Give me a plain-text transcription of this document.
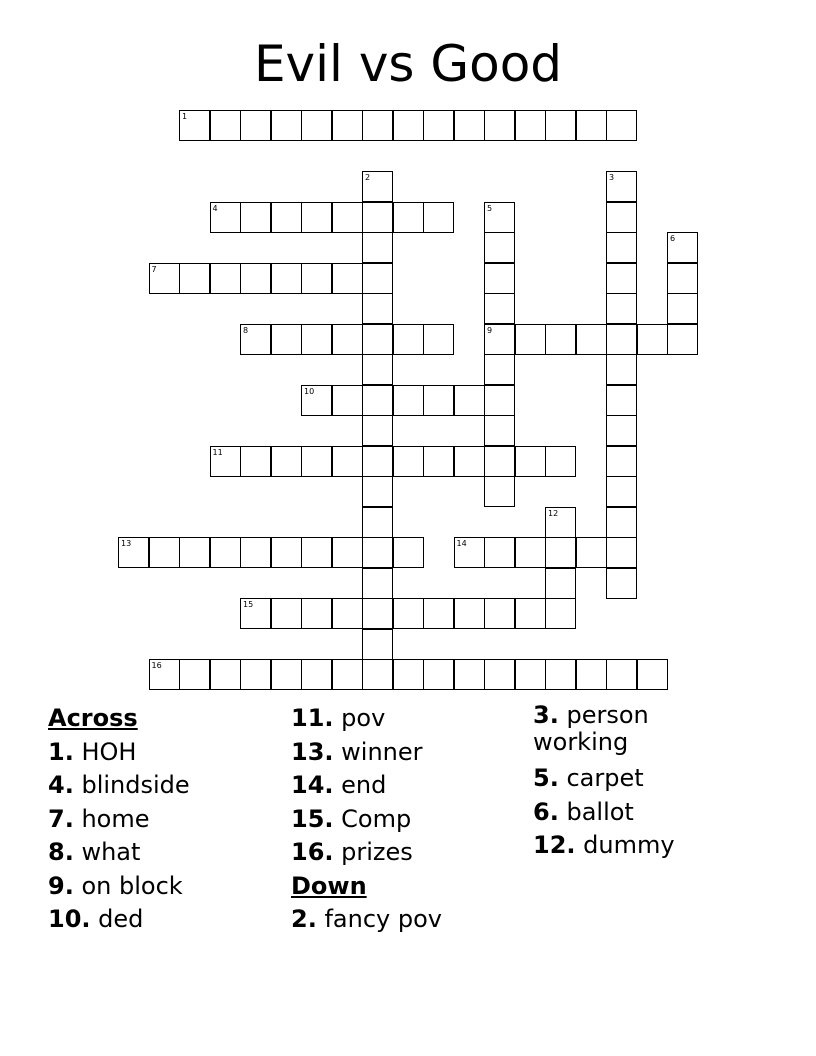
Evil vs Good
1
2	3
4	5
9
6
7
8
10
11
12
13	14
15
16
Across
1. HOH
4. blindside
7. home
8. what
9. on block
10. ded
11. pov
13. winner
14. end
15. Comp
16. prizes
Down
2. fancy pov
3. person working
5. carpet
6. ballot
12. dummy
